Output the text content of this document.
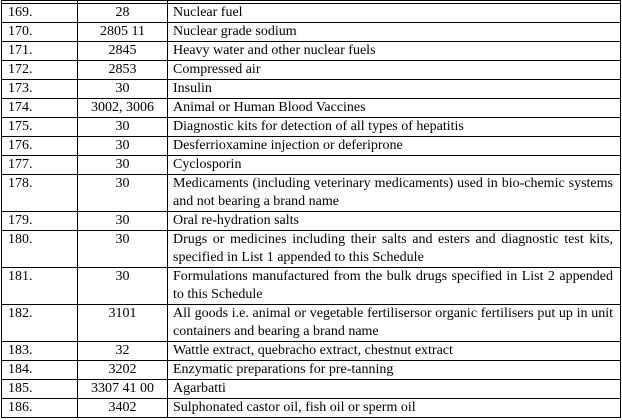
169.	28	Nuclear fuel
170.	2805 11	Nuclear grade sodium
171.	2845	Heavy water and other nuclear fuels
172.	2853	Compressed air
173.	30	Insulin
174.	3002, 3006	Animal or Human Blood Vaccines
175.	30	Diagnostic kits for detection of all types of hepatitis
176.	30	Desferrioxamine injection or deferiprone
177.	30	Cyclosporin
178.	30	Medicaments (including veterinary medicaments) used in bio-chemic systems and not bearing a brand name
179.	30	Oral re-hydration salts
180.	30	Drugs or medicines including their salts and esters and diagnostic test kits, specified in List 1 appended to this Schedule
181.	30	Formulations manufactured from the bulk drugs specified in List 2 appended to this Schedule
182.	3101	All goods i.e. animal or vegetable fertilisersor organic fertilisers put up in unit containers and bearing a brand name
183.	32	Wattle extract, quebracho extract, chestnut extract
184.	3202	Enzymatic preparations for pre-tanning
185.	3307 41 00	Agarbatti
186.	3402	Sulphonated castor oil, fish oil or sperm oil
